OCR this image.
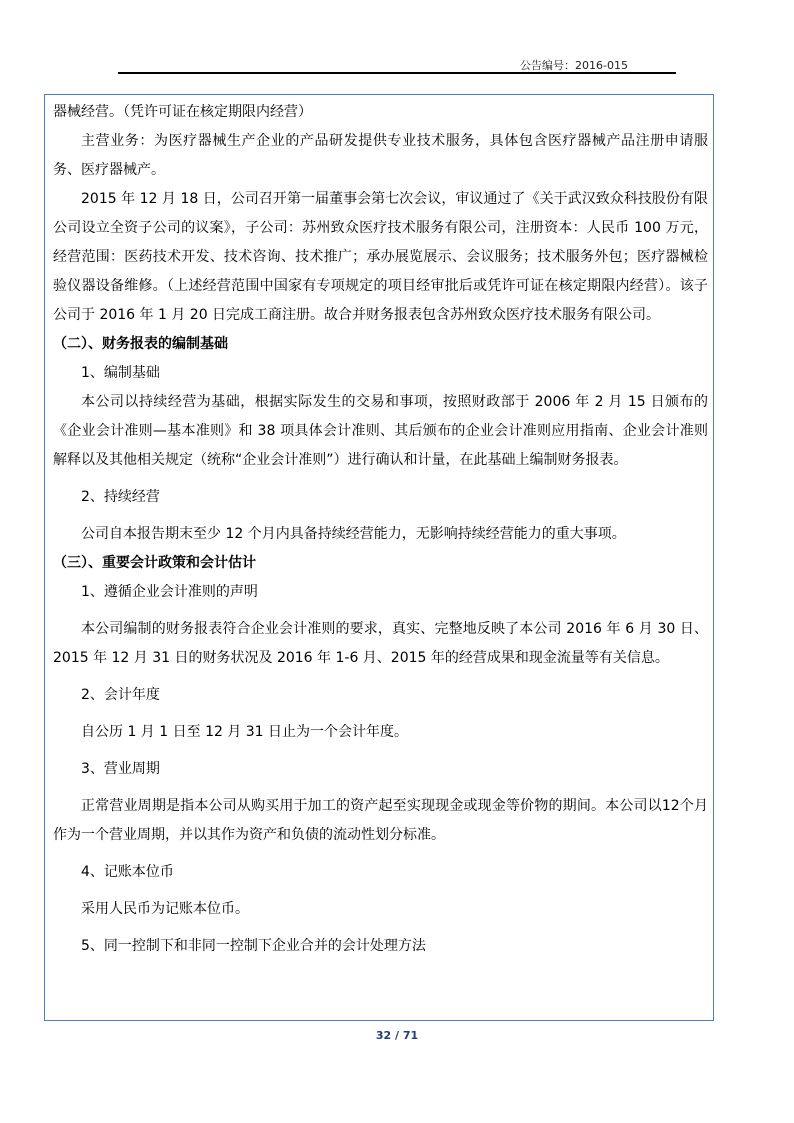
公告编号：2016-015

器械经营。（凭许可证在核定期限内经营）

主营业务：为医疗器械生产企业的产品研发提供专业技术服务，具体包含医疗器械产品注册申请服务、医疗器械产。

2015 年 12 月 18 日，公司召开第一届董事会第七次会议，审议通过了《关于武汉致众科技股份有限公司设立全资子公司的议案》，子公司：苏州致众医疗技术服务有限公司，注册资本：人民币 100 万元，经营范围：医药技术开发、技术咨询、技术推广；承办展览展示、会议服务；技术服务外包；医疗器械检验仪器设备维修。（上述经营范围中国家有专项规定的项目经审批后或凭许可证在核定期限内经营）。该子公司于 2016 年 1 月 20 日完成工商注册。故合并财务报表包含苏州致众医疗技术服务有限公司。

（二）、财务报表的编制基础

1、编制基础

本公司以持续经营为基础，根据实际发生的交易和事项，按照财政部于 2006 年 2 月 15 日颁布的《企业会计准则—基本准则》和 38 项具体会计准则、其后颁布的企业会计准则应用指南、企业会计准则解释以及其他相关规定（统称“企业会计准则”）进行确认和计量，在此基础上编制财务报表。

2、持续经营

公司自本报告期末至少 12 个月内具备持续经营能力，无影响持续经营能力的重大事项。

（三）、重要会计政策和会计估计

1、遵循企业会计准则的声明

本公司编制的财务报表符合企业会计准则的要求，真实、完整地反映了本公司 2016 年 6 月 30 日、2015 年 12 月 31 日的财务状况及 2016 年 1-6 月、2015 年的经营成果和现金流量等有关信息。

2、会计年度

自公历 1 月 1 日至 12 月 31 日止为一个会计年度。

3、营业周期

正常营业周期是指本公司从购买用于加工的资产起至实现现金或现金等价物的期间。本公司以12个月作为一个营业周期，并以其作为资产和负债的流动性划分标准。

4、记账本位币

采用人民币为记账本位币。

5、同一控制下和非同一控制下企业合并的会计处理方法

32 / 71
